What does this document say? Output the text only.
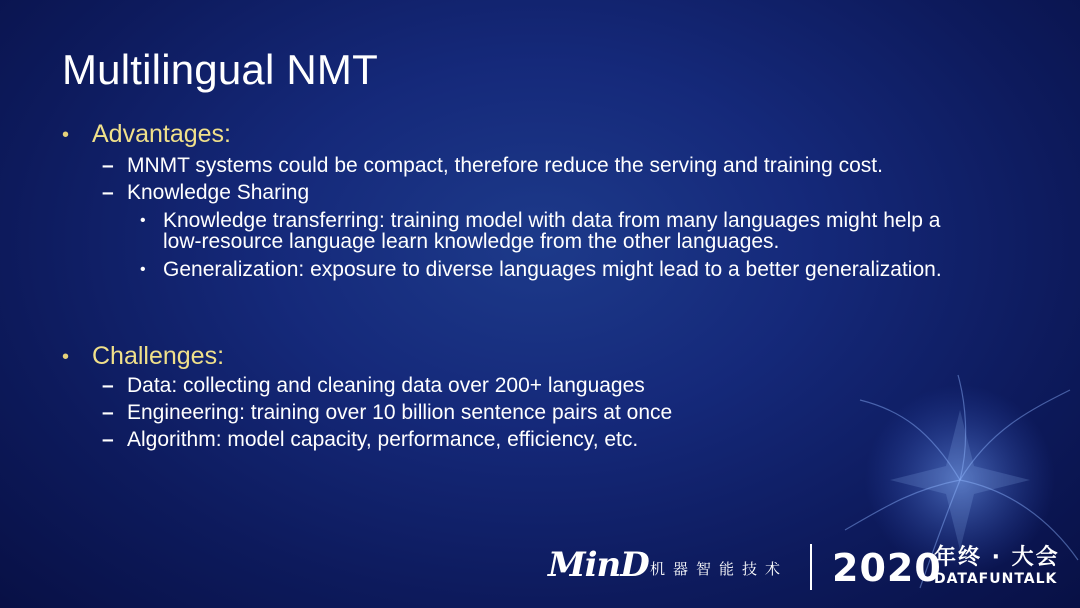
Multilingual NMT
• Advantages:
– MNMT systems could be compact, therefore reduce the serving and training cost.
– Knowledge Sharing
• Knowledge transferring: training model with data from many languages might help a low-resource language learn knowledge from the other languages.
• Generalization: exposure to diverse languages might lead to a better generalization.
• Challenges:
– Data: collecting and cleaning data over 200+ languages
– Engineering: training over 10 billion sentence pairs at once
– Algorithm: model capacity, performance, efficiency, etc.
MinD 机器智能技术 2020
年终 · 大会
DATAFUNTALK
